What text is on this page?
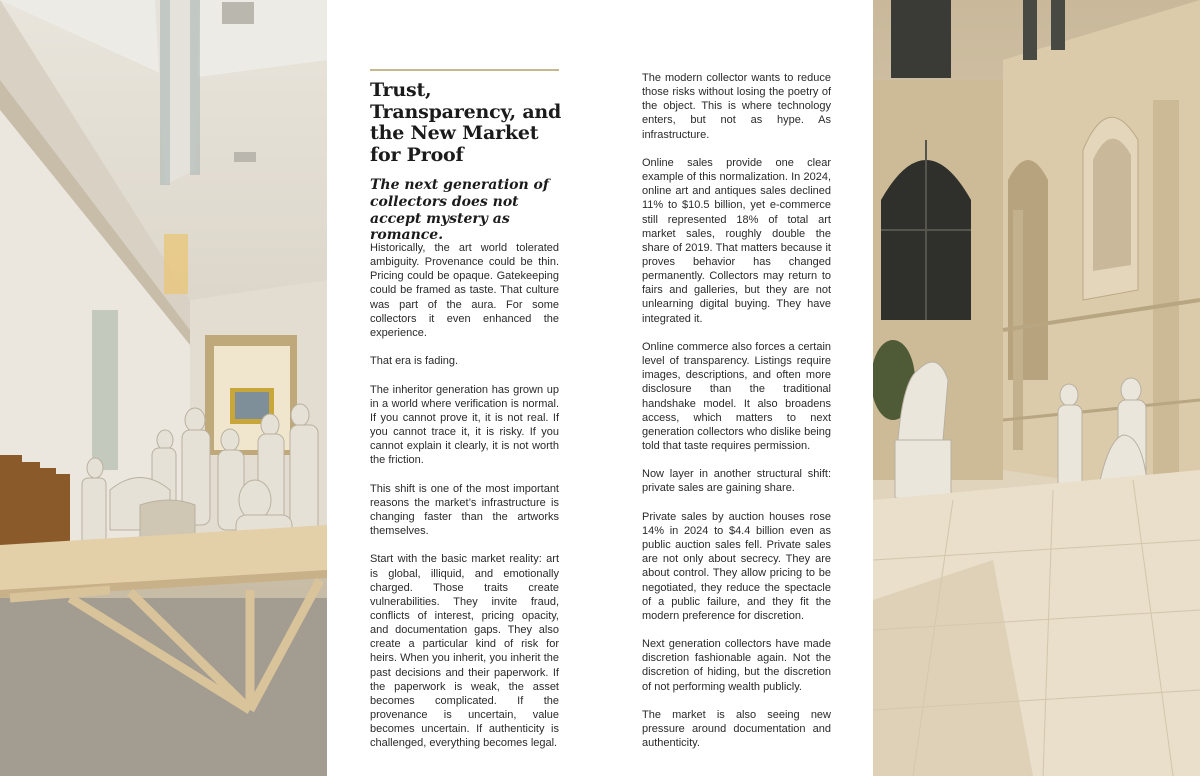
Trust, Transparency, and the New Market for Proof
The next generation of collectors does not accept mystery as romance.

Historically, the art world tolerated ambiguity. Provenance could be thin. Pricing could be opaque. Gatekeeping could be framed as taste. That culture was part of the aura. For some collectors it even enhanced the experience.

That era is fading.

The inheritor generation has grown up in a world where verification is normal. If you cannot prove it, it is not real. If you cannot trace it, it is risky. If you cannot explain it clearly, it is not worth the friction.

This shift is one of the most important reasons the market’s infrastructure is changing faster than the artworks themselves.

Start with the basic market reality: art is global, illiquid, and emotionally charged. Those traits create vulnerabilities. They invite fraud, conflicts of interest, pricing opacity, and documentation gaps. They also create a particular kind of risk for heirs. When you inherit, you inherit the past decisions and their paperwork. If the paperwork is weak, the asset becomes complicated. If the provenance is uncertain, value becomes uncertain. If authenticity is challenged, everything becomes legal.

The modern collector wants to reduce those risks without losing the poetry of the object. This is where technology enters, but not as hype. As infrastructure.

Online sales provide one clear example of this normalization. In 2024, online art and antiques sales declined 11% to $10.5 billion, yet e-commerce still represented 18% of total art market sales, roughly double the share of 2019. That matters because it proves behavior has changed permanently. Collectors may return to fairs and galleries, but they are not unlearning digital buying. They have integrated it.

Online commerce also forces a certain level of transparency. Listings require images, descriptions, and often more disclosure than the traditional handshake model. It also broadens access, which matters to next generation collectors who dislike being told that taste requires permission.

Now layer in another structural shift: private sales are gaining share.

Private sales by auction houses rose 14% in 2024 to $4.4 billion even as public auction sales fell. Private sales are not only about secrecy. They are about control. They allow pricing to be negotiated, they reduce the spectacle of a public failure, and they fit the modern preference for discretion.

Next generation collectors have made discretion fashionable again. Not the discretion of hiding, but the discretion of not performing wealth publicly.

The market is also seeing new pressure around documentation and authenticity.
